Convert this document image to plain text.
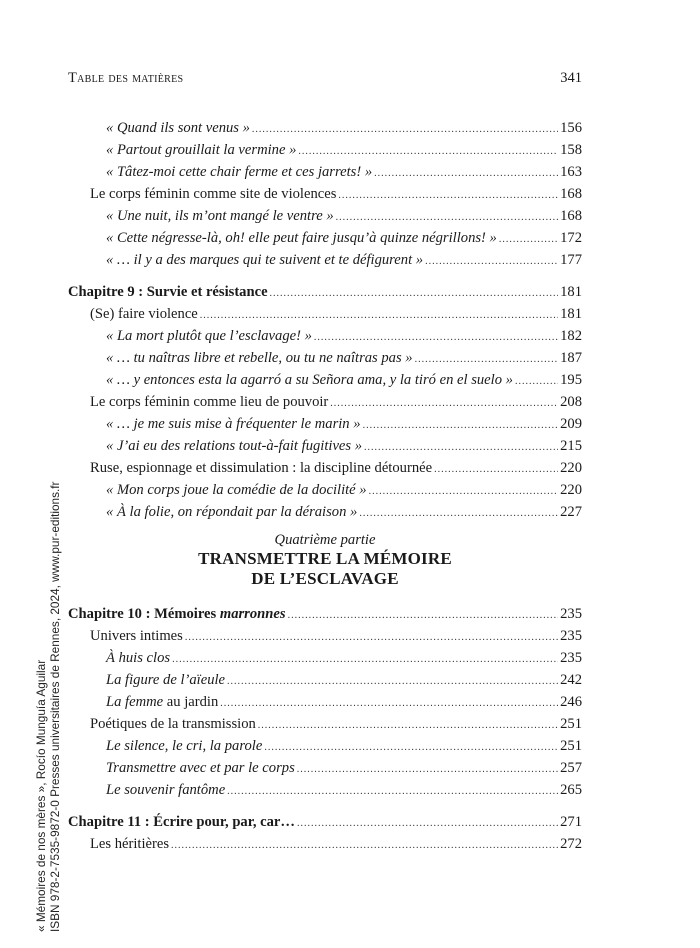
Table des matières	341
« Quand ils sont venus » .....	156
« Partout grouillait la vermine » .....	158
« Tâtez-moi cette chair ferme et ces jarrets! » .....	163
Le corps féminin comme site de violences .....	168
« Une nuit, ils m’ont mangé le ventre » .....	168
« Cette négresse-là, oh! elle peut faire jusqu’à quinze négrillons! » .....	172
« … il y a des marques qui te suivent et te défigurent » .....	177
Chapitre 9 : Survie et résistance .....	181
(Se) faire violence .....	181
« La mort plutôt que l’esclavage! » .....	182
« … tu naîtras libre et rebelle, ou tu ne naîtras pas » .....	187
« … y entonces esta la agarró a su Señora ama, y la tiró en el suelo » .....	195
Le corps féminin comme lieu de pouvoir .....	208
« … je me suis mise à fréquenter le marin » .....	209
« J’ai eu des relations tout-à-fait fugitives » .....	215
Ruse, espionnage et dissimulation : la discipline détournée .....	220
« Mon corps joue la comédie de la docilité » .....	220
« À la folie, on répondait par la déraison » .....	227
Quatrième partie
TRANSMETTRE LA MÉMOIRE
DE L’ESCLAVAGE
Chapitre 10 : Mémoires marronnes .....	235
Univers intimes .....	235
À huis clos .....	235
La figure de l’aïeule .....	242
La femme au jardin .....	246
Poétiques de la transmission .....	251
Le silence, le cri, la parole .....	251
Transmettre avec et par le corps .....	257
Le souvenir fantôme .....	265
Chapitre 11 : Écrire pour, par, car… .....	271
Les héritières .....	272
« Mémoires de nos mères », Rocío Munguía Aguilar ISBN 978-2-7535-9872-0 Presses universitaires de Rennes, 2024, www.pur-editions.fr
